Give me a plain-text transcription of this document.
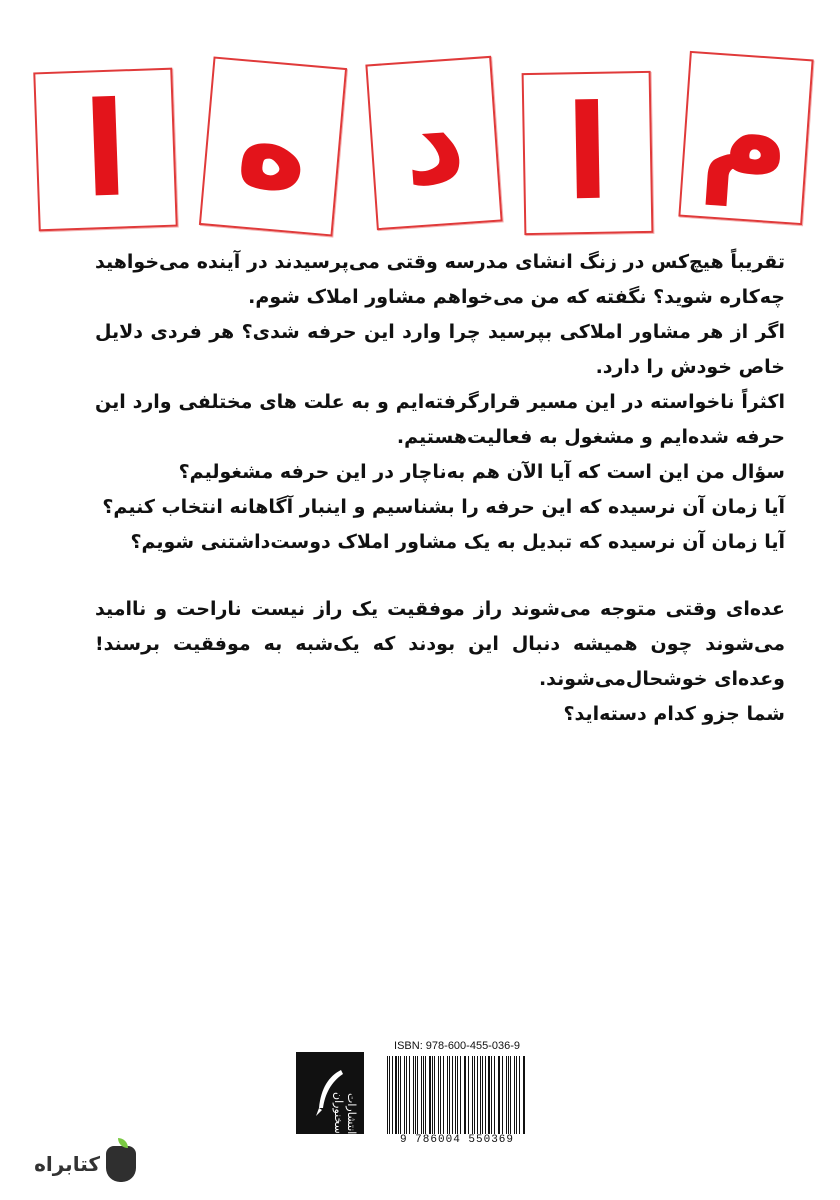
م
ا
د
ه
ا

تقریباً هیچ‌کس در زنگ انشای مدرسه وقتی می‌پرسیدند در آینده می‌خواهید چه‌کاره شوید؟ نگفته که من می‌خواهم مشاور املاک شوم.

اگر از هر مشاور املاکی بپرسید چرا وارد این حرفه شدی؟ هر فردی دلایل خاص خودش را دارد.

اکثراً ناخواسته در این مسیر قرارگرفته‌ایم و به علت های مختلفی وارد این حرفه شده‌ایم و مشغول به فعالیت‌هستیم.

سؤال من این است که آیا الآن هم به‌ناچار در این حرفه مشغولیم؟

آیا زمان آن نرسیده که این حرفه را بشناسیم و اینبار آگاهانه انتخاب کنیم؟

آیا زمان آن نرسیده که تبدیل به یک مشاور املاک دوست‌داشتنی شویم؟

عده‌ای وقتی متوجه می‌شوند راز موفقیت یک راز نیست ناراحت و ناامید می‌شوند چون همیشه دنبال این بودند که یک‌شبه به موفقیت برسند! وعده‌ای خوشحال‌می‌شوند.

شما جزو کدام دسته‌اید؟

انتشارات سخنوران
ISBN: 978-600-455-036-9
9 786004 550369
کتابراه
